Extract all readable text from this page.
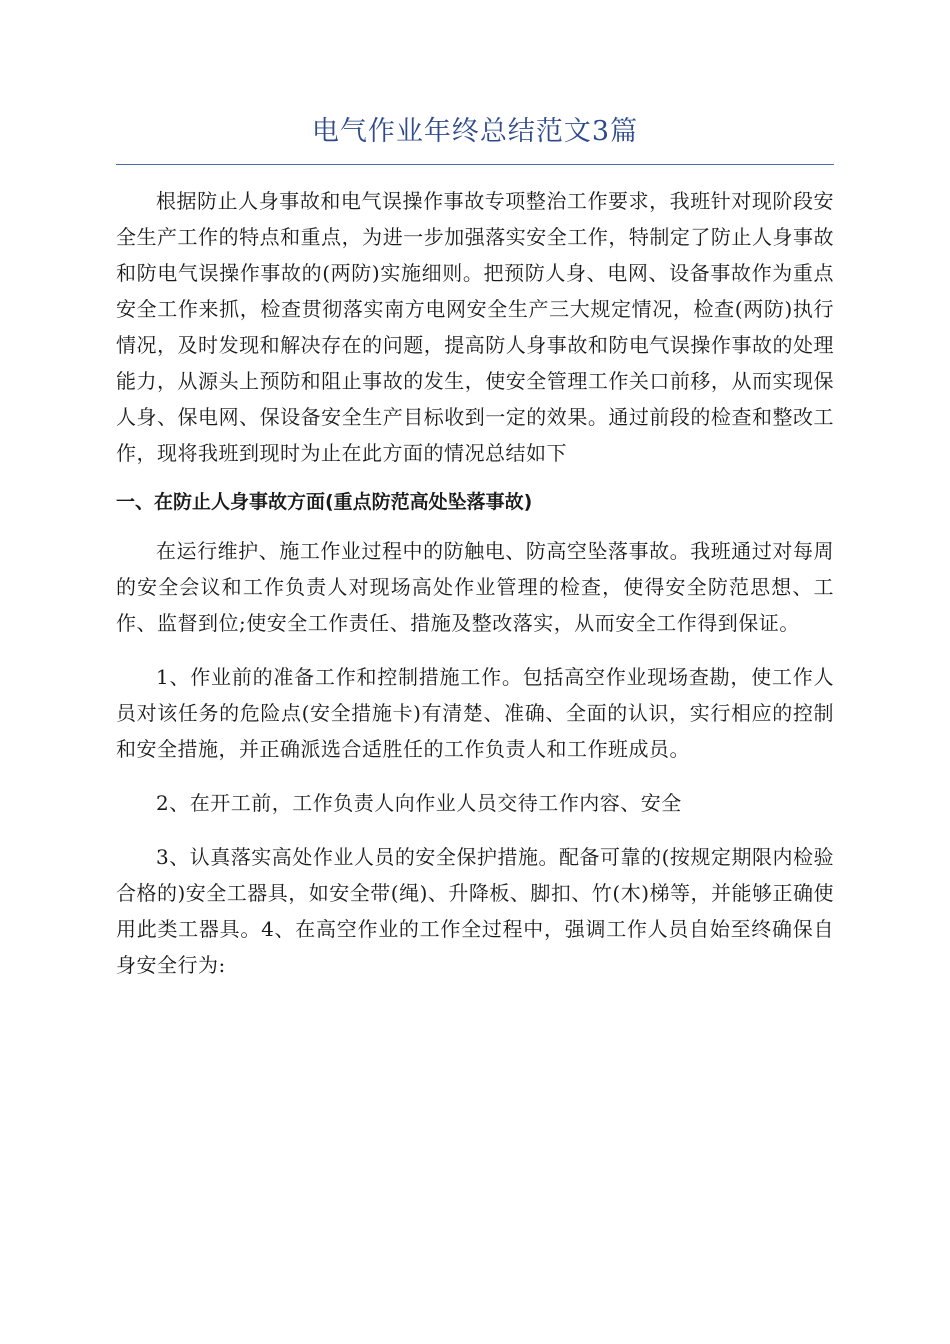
电气作业年终总结范文3篇

根据防止人身事故和电气误操作事故专项整治工作要求，我班针对现阶段安全生产工作的特点和重点，为进一步加强落实安全工作，特制定了防止人身事故和防电气误操作事故的(两防)实施细则。把预防人身、电网、设备事故作为重点安全工作来抓，检查贯彻落实南方电网安全生产三大规定情况，检查(两防)执行情况，及时发现和解决存在的问题，提高防人身事故和防电气误操作事故的处理能力，从源头上预防和阻止事故的发生，使安全管理工作关口前移，从而实现保人身、保电网、保设备安全生产目标收到一定的效果。通过前段的检查和整改工作，现将我班到现时为止在此方面的情况总结如下

一、在防止人身事故方面(重点防范高处坠落事故)

在运行维护、施工作业过程中的防触电、防高空坠落事故。我班通过对每周的安全会议和工作负责人对现场高处作业管理的检查，使得安全防范思想、工作、监督到位;使安全工作责任、措施及整改落实，从而安全工作得到保证。

1、作业前的准备工作和控制措施工作。包括高空作业现场查勘，使工作人员对该任务的危险点(安全措施卡)有清楚、准确、全面的认识，实行相应的控制和安全措施，并正确派选合适胜任的工作负责人和工作班成员。

2、在开工前，工作负责人向作业人员交待工作内容、安全

3、认真落实高处作业人员的安全保护措施。配备可靠的(按规定期限内检验合格的)安全工器具，如安全带(绳)、升降板、脚扣、竹(木)梯等，并能够正确使用此类工器具。4、在高空作业的工作全过程中，强调工作人员自始至终确保自身安全行为:
